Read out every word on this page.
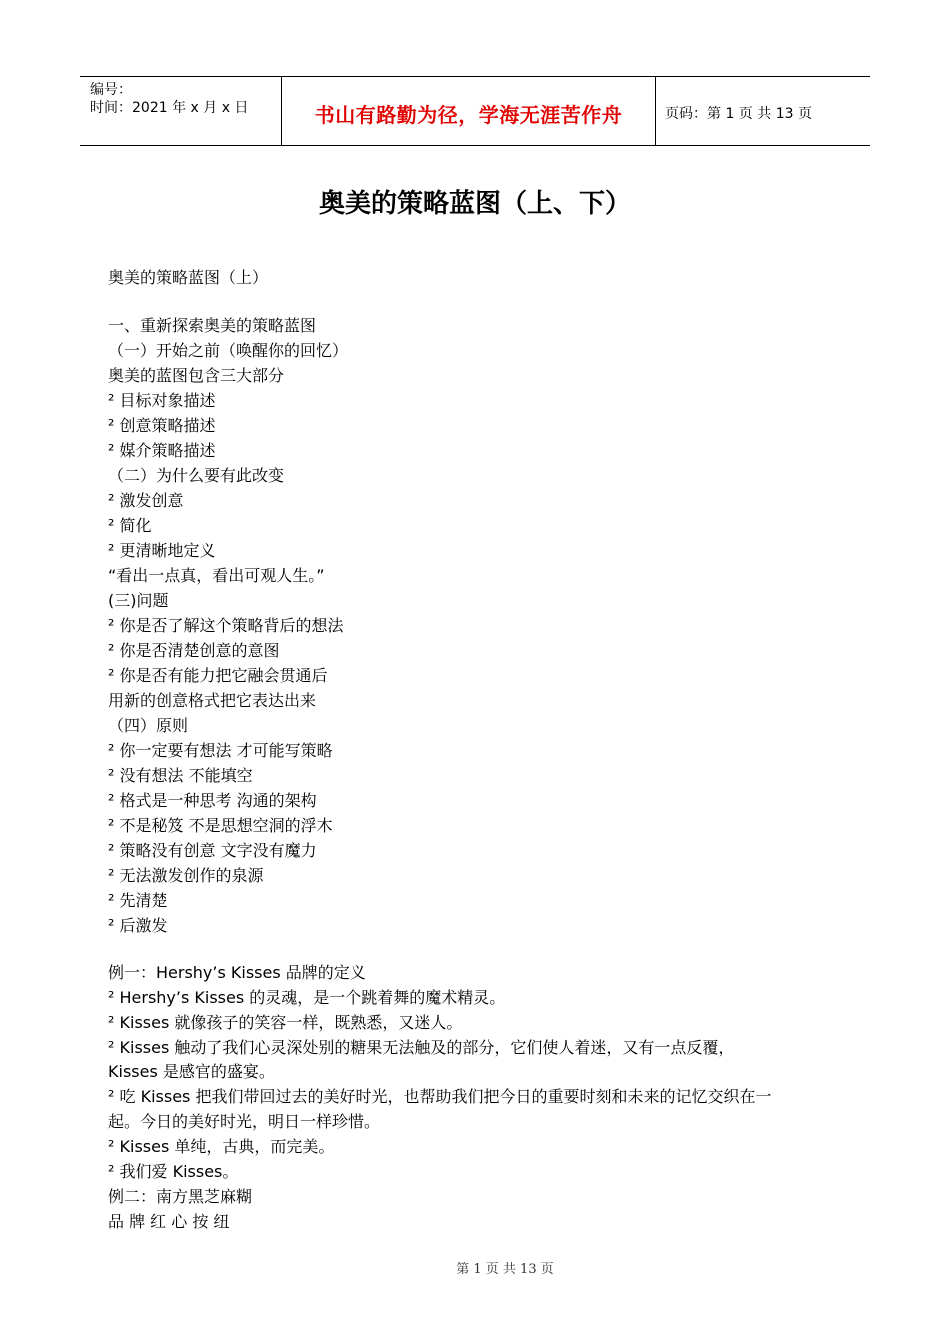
编号：
时间：2021 年 x 月 x 日	书山有路勤为径，学海无涯苦作舟	页码：第 1 页 共 13 页
奥美的策略蓝图（上、下）
奥美的策略蓝图（上）
一、重新探索奥美的策略蓝图
（一）开始之前（唤醒你的回忆）
奥美的蓝图包含三大部分
² 目标对象描述
² 创意策略描述
² 媒介策略描述
（二）为什么要有此改变
² 激发创意
² 简化
² 更清晰地定义
“看出一点真，看出可观人生。”
(三)问题
² 你是否了解这个策略背后的想法
² 你是否清楚创意的意图
² 你是否有能力把它融会贯通后
用新的创意格式把它表达出来
（四）原则
² 你一定要有想法 才可能写策略
² 没有想法 不能填空
² 格式是一种思考 沟通的架构
² 不是秘笈 不是思想空洞的浮木
² 策略没有创意 文字没有魔力
² 无法激发创作的泉源
² 先清楚
² 后激发
例一：Hershy’s Kisses 品牌的定义
² Hershy’s Kisses 的灵魂，是一个跳着舞的魔术精灵。
² Kisses 就像孩子的笑容一样，既熟悉，又迷人。
² Kisses 触动了我们心灵深处别的糖果无法触及的部分，它们使人着迷，又有一点反覆，
Kisses 是感官的盛宴。
² 吃 Kisses 把我们带回过去的美好时光，也帮助我们把今日的重要时刻和未来的记忆交织在一
起。今日的美好时光，明日一样珍惜。
² Kisses 单纯，古典，而完美。
² 我们爱 Kisses。
例二：南方黑芝麻糊
品 牌 红 心 按 纽
第 1 页 共 13 页
